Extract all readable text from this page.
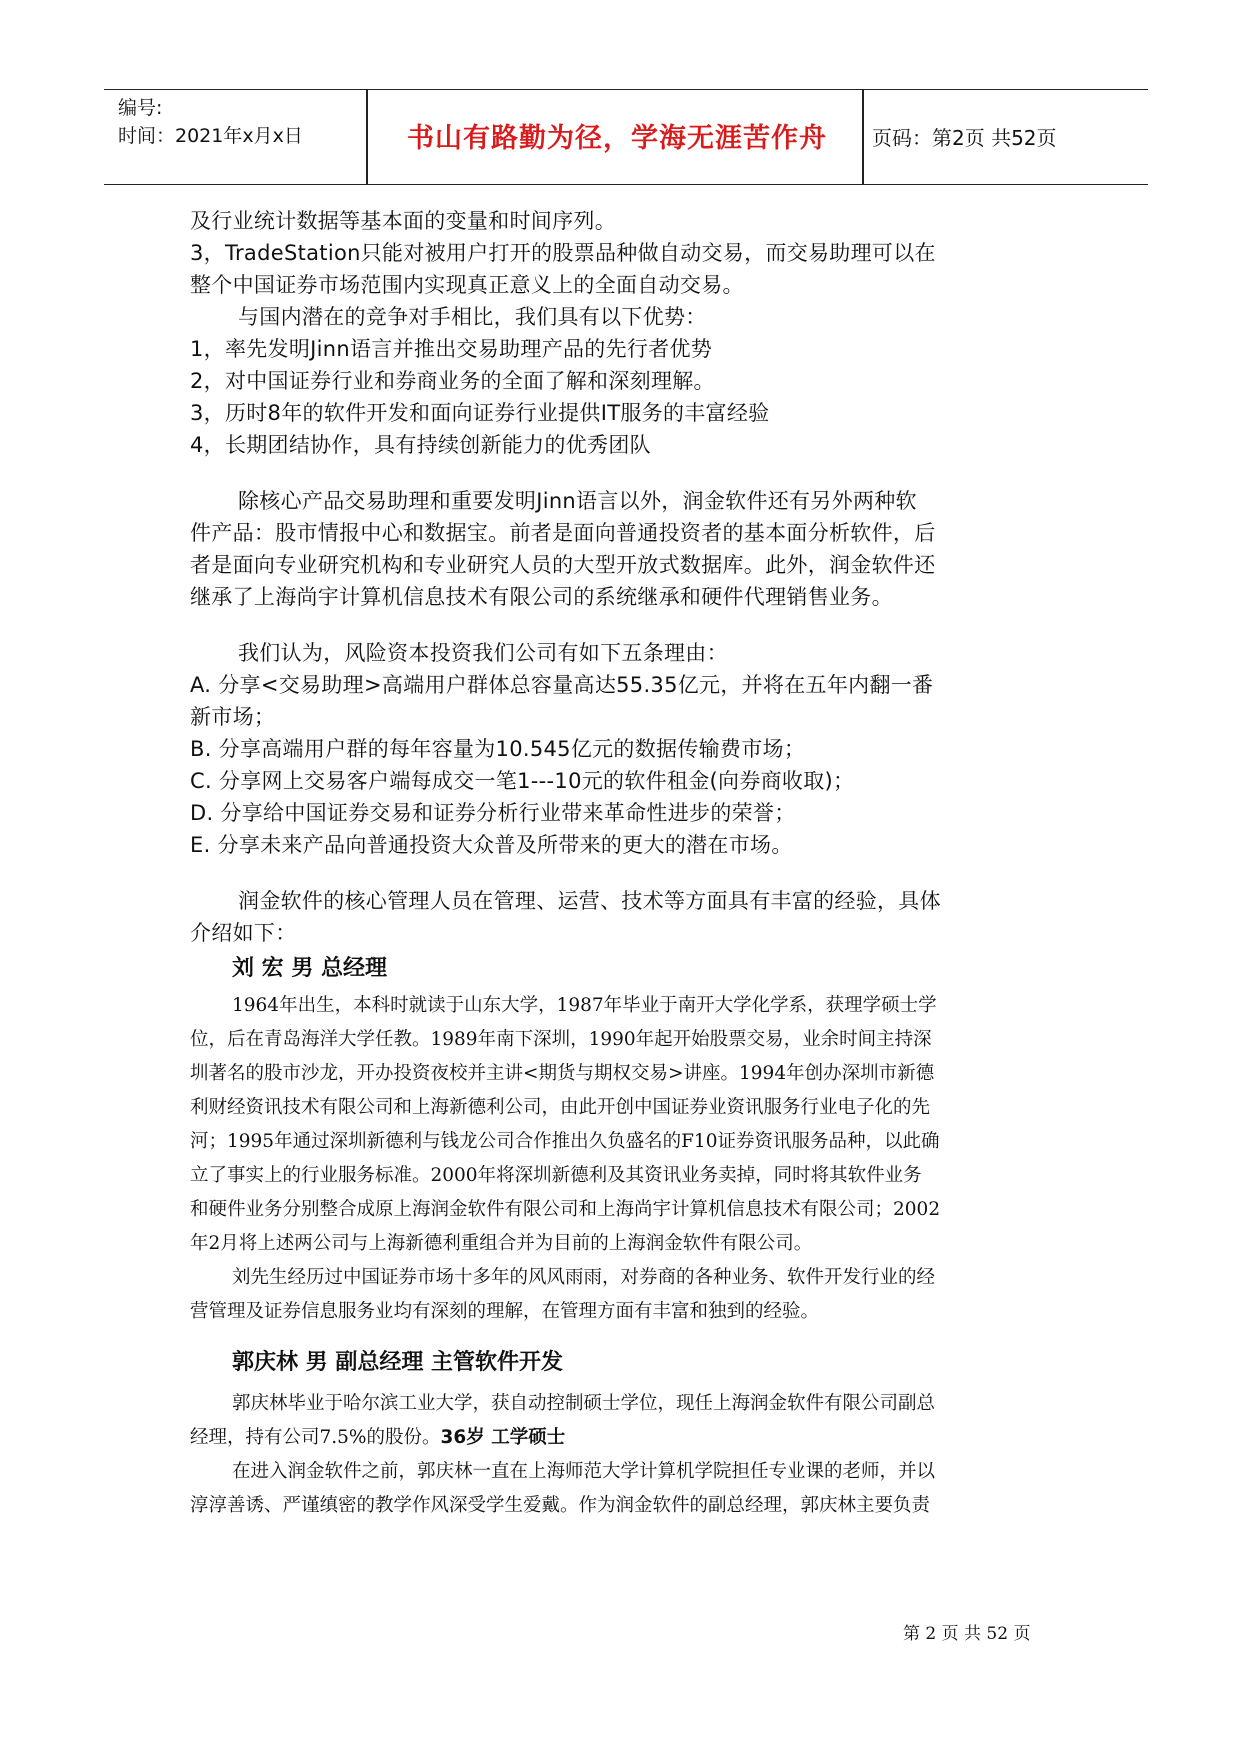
编号:
时间：2021年x月x日	书山有路勤为径，学海无涯苦作舟	页码：第2页 共52页
及行业统计数据等基本面的变量和时间序列。
3，TradeStation只能对被用户打开的股票品种做自动交易，而交易助理可以在
整个中国证券市场范围内实现真正意义上的全面自动交易。
与国内潜在的竞争对手相比，我们具有以下优势：
1，率先发明Jinn语言并推出交易助理产品的先行者优势
2，对中国证券行业和券商业务的全面了解和深刻理解。
3，历时8年的软件开发和面向证券行业提供IT服务的丰富经验
4，长期团结协作，具有持续创新能力的优秀团队
除核心产品交易助理和重要发明Jinn语言以外，润金软件还有另外两种软
件产品：股市情报中心和数据宝。前者是面向普通投资者的基本面分析软件，后
者是面向专业研究机构和专业研究人员的大型开放式数据库。此外，润金软件还
继承了上海尚宇计算机信息技术有限公司的系统继承和硬件代理销售业务。
我们认为，风险资本投资我们公司有如下五条理由：
A. 分享<交易助理>高端用户群体总容量高达55.35亿元，并将在五年内翻一番
新市场；
B. 分享高端用户群的每年容量为10.545亿元的数据传输费市场；
C. 分享网上交易客户端每成交一笔1---10元的软件租金(向券商收取)；
D. 分享给中国证券交易和证券分析行业带来革命性进步的荣誉；
E. 分享未来产品向普通投资大众普及所带来的更大的潜在市场。
润金软件的核心管理人员在管理、运营、技术等方面具有丰富的经验，具体
介绍如下：
刘 宏 男 总经理
1964年出生，本科时就读于山东大学，1987年毕业于南开大学化学系，获理学硕士学
位，后在青岛海洋大学任教。1989年南下深圳，1990年起开始股票交易，业余时间主持深
圳著名的股市沙龙，开办投资夜校并主讲<期货与期权交易>讲座。1994年创办深圳市新德
利财经资讯技术有限公司和上海新德利公司，由此开创中国证券业资讯服务行业电子化的先
河；1995年通过深圳新德利与钱龙公司合作推出久负盛名的F10证券资讯服务品种，以此确
立了事实上的行业服务标准。2000年将深圳新德利及其资讯业务卖掉，同时将其软件业务
和硬件业务分别整合成原上海润金软件有限公司和上海尚宇计算机信息技术有限公司；2002
年2月将上述两公司与上海新德利重组合并为目前的上海润金软件有限公司。
刘先生经历过中国证券市场十多年的风风雨雨，对券商的各种业务、软件开发行业的经
营管理及证券信息服务业均有深刻的理解，在管理方面有丰富和独到的经验。
郭庆林 男 副总经理 主管软件开发
郭庆林毕业于哈尔滨工业大学，获自动控制硕士学位，现任上海润金软件有限公司副总
经理，持有公司7.5%的股份。36岁 工学硕士
在进入润金软件之前，郭庆林一直在上海师范大学计算机学院担任专业课的老师，并以
淳淳善诱、严谨缜密的教学作风深受学生爱戴。作为润金软件的副总经理，郭庆林主要负责
第 2 页 共 52 页
